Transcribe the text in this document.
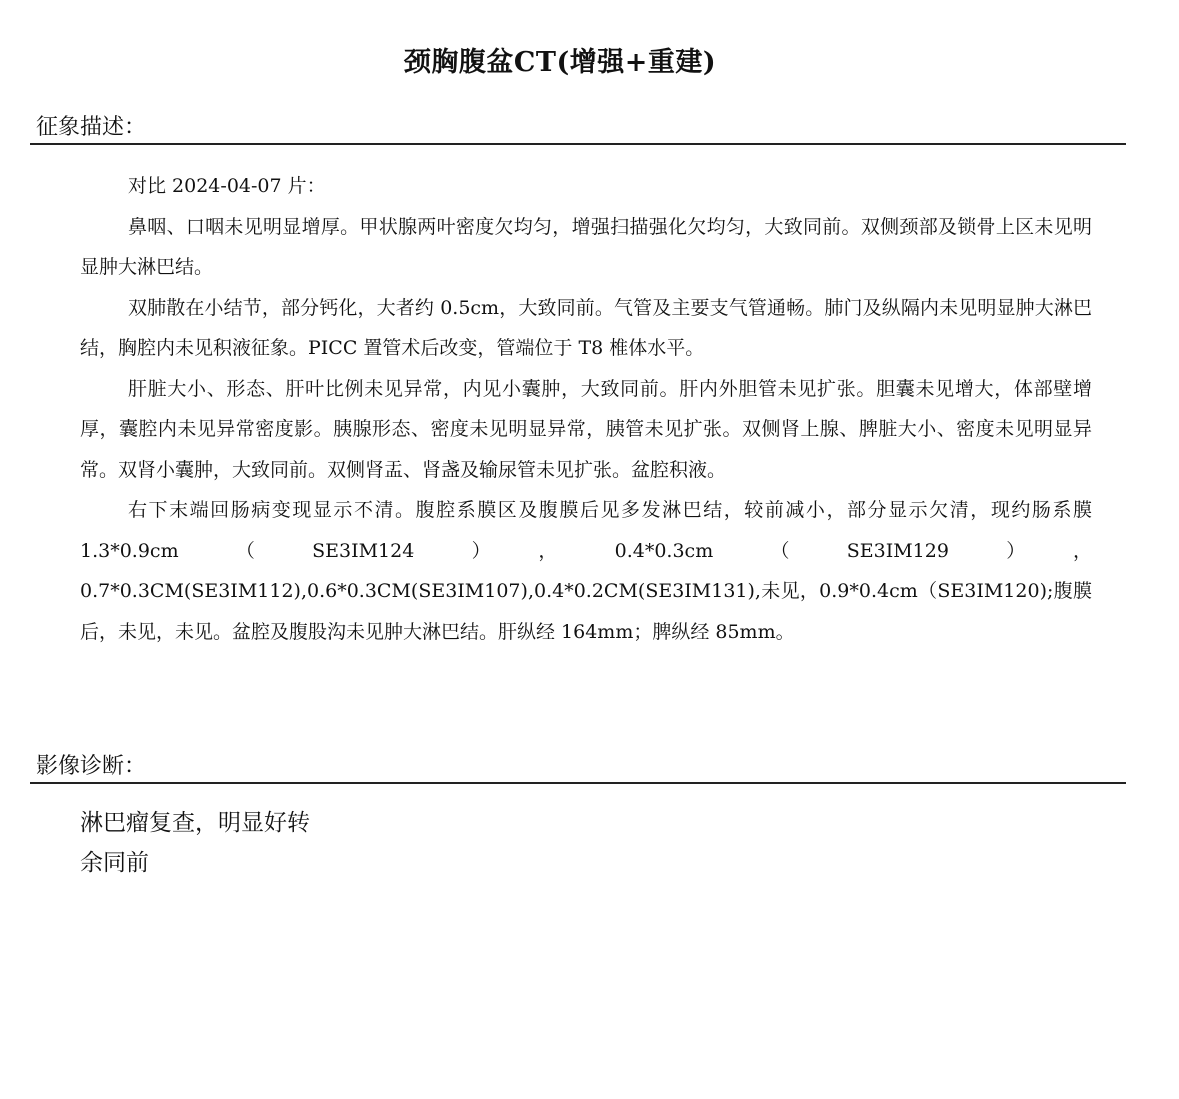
颈胸腹盆CT(增强+重建)
征象描述：

对比 2024-04-07 片：

鼻咽、口咽未见明显增厚。甲状腺两叶密度欠均匀，增强扫描强化欠均匀，大致同前。双侧颈部及锁骨上区未见明显肿大淋巴结。

双肺散在小结节，部分钙化，大者约 0.5cm，大致同前。气管及主要支气管通畅。肺门及纵隔内未见明显肿大淋巴结，胸腔内未见积液征象。PICC 置管术后改变，管端位于 T8 椎体水平。

肝脏大小、形态、肝叶比例未见异常，内见小囊肿，大致同前。肝内外胆管未见扩张。胆囊未见增大，体部壁增厚，囊腔内未见异常密度影。胰腺形态、密度未见明显异常，胰管未见扩张。双侧肾上腺、脾脏大小、密度未见明显异常。双肾小囊肿，大致同前。双侧肾盂、肾盏及输尿管未见扩张。盆腔积液。

右下末端回肠病变现显示不清。腹腔系膜区及腹膜后见多发淋巴结，较前减小，部分显示欠清，现约肠系膜 1.3*0.9cm（SE3IM124），0.4*0.3cm（SE3IM129），0.7*0.3CM(SE3IM112),0.6*0.3CM(SE3IM107),0.4*0.2CM(SE3IM131),未见，0.9*0.4cm（SE3IM120);腹膜后，未见，未见。盆腔及腹股沟未见肿大淋巴结。肝纵经 164mm；脾纵经 85mm。

影像诊断：

淋巴瘤复查，明显好转

余同前
